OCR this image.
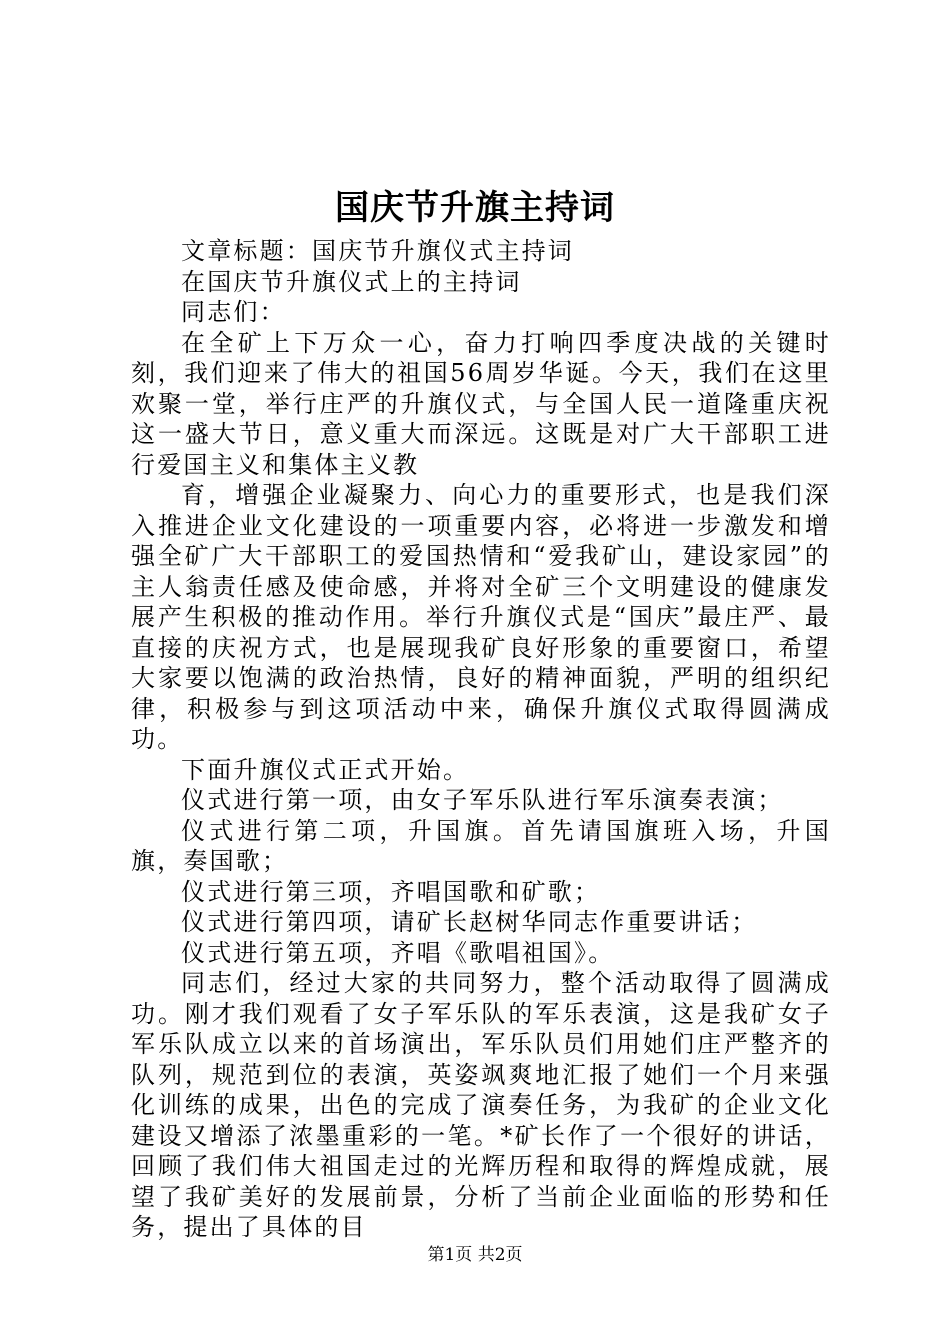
国庆节升旗主持词

文章标题：国庆节升旗仪式主持词

在国庆节升旗仪式上的主持词

同志们：

在全矿上下万众一心，奋力打响四季度决战的关键时刻，我们迎来了伟大的祖国56周岁华诞。今天，我们在这里欢聚一堂，举行庄严的升旗仪式，与全国人民一道隆重庆祝这一盛大节日，意义重大而深远。这既是对广大干部职工进行爱国主义和集体主义教

育，增强企业凝聚力、向心力的重要形式，也是我们深入推进企业文化建设的一项重要内容，必将进一步激发和增强全矿广大干部职工的爱国热情和“爱我矿山，建设家园”的主人翁责任感及使命感，并将对全矿三个文明建设的健康发展产生积极的推动作用。举行升旗仪式是“国庆”最庄严、最直接的庆祝方式，也是展现我矿良好形象的重要窗口，希望大家要以饱满的政治热情，良好的精神面貌，严明的组织纪律，积极参与到这项活动中来，确保升旗仪式取得圆满成功。

下面升旗仪式正式开始。

仪式进行第一项，由女子军乐队进行军乐演奏表演；

仪式进行第二项，升国旗。首先请国旗班入场，升国旗，奏国歌；

仪式进行第三项，齐唱国歌和矿歌；

仪式进行第四项，请矿长赵树华同志作重要讲话；

仪式进行第五项，齐唱《歌唱祖国》。

同志们，经过大家的共同努力，整个活动取得了圆满成功。刚才我们观看了女子军乐队的军乐表演，这是我矿女子军乐队成立以来的首场演出，军乐队员们用她们庄严整齐的队列，规范到位的表演，英姿飒爽地汇报了她们一个月来强化训练的成果，出色的完成了演奏任务，为我矿的企业文化建设又增添了浓墨重彩的一笔。*矿长作了一个很好的讲话，回顾了我们伟大祖国走过的光辉历程和取得的辉煌成就，展望了我矿美好的发展前景，分析了当前企业面临的形势和任务，提出了具体的目

第1页 共2页
